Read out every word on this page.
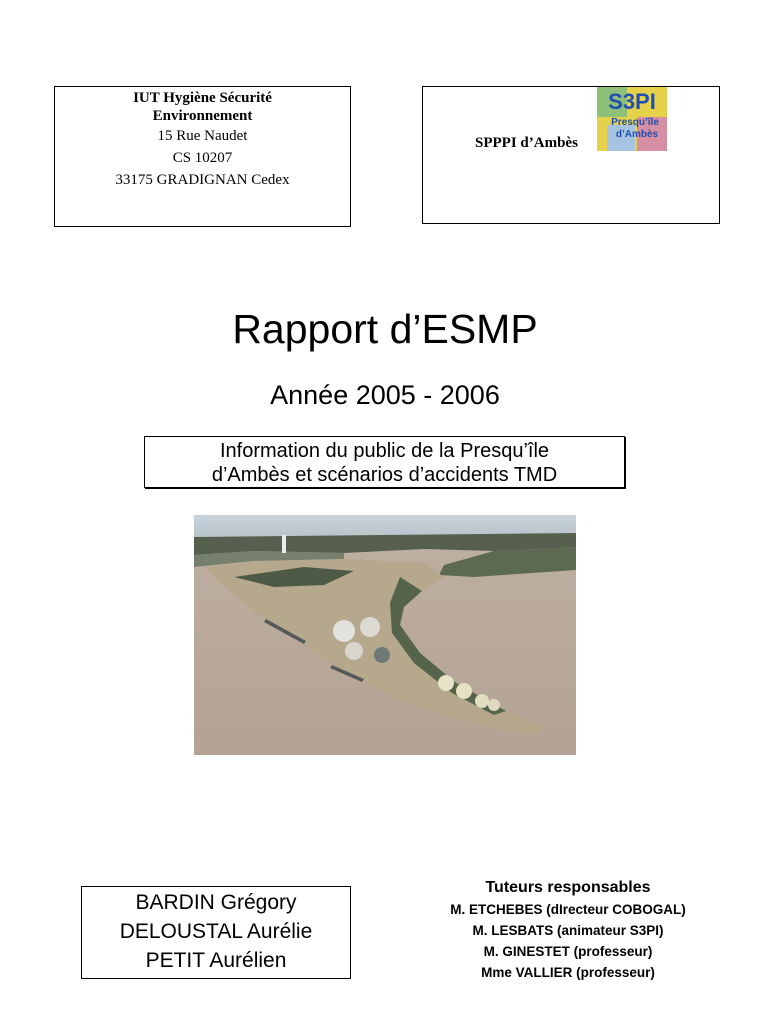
IUT Hygiène Sécurité
Environnement
15 Rue Naudet
CS 10207
33175 GRADIGNAN Cedex
SPPPI d’Ambès
S3PI
Presqu’île
d’Ambès
Rapport d’ESMP
Année 2005 - 2006
Information du public de la Presqu’île
d’Ambès et scénarios d’accidents TMD
BARDIN Grégory
DELOUSTAL Aurélie
PETIT Aurélien
Tuteurs responsables
M. ETCHEBES (dIrecteur COBOGAL)
M. LESBATS (animateur S3PI)
M. GINESTET (professeur)
Mme VALLIER (professeur)
